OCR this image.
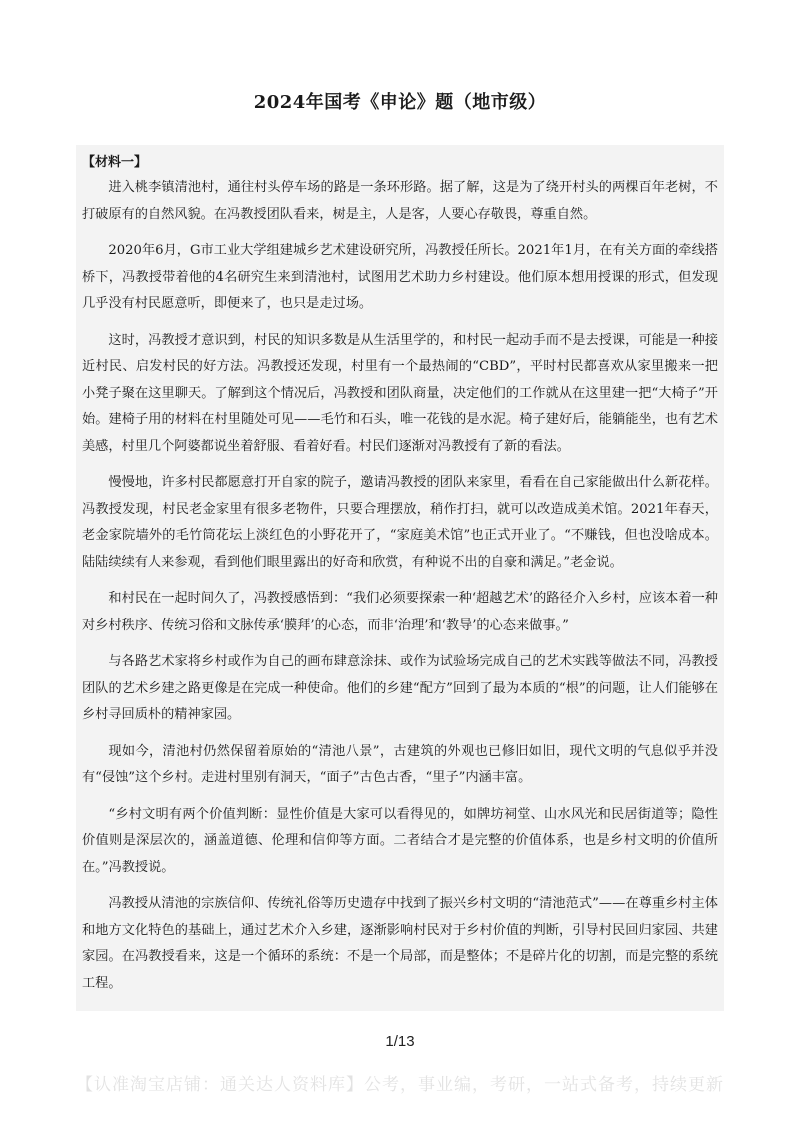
2024年国考《申论》题（地市级）
【材料一】

进入桃李镇清池村，通往村头停车场的路是一条环形路。据了解，这是为了绕开村头的两棵百年老树，不打破原有的自然风貌。在冯教授团队看来，树是主，人是客，人要心存敬畏，尊重自然。

2020年6月，G市工业大学组建城乡艺术建设研究所，冯教授任所长。2021年1月，在有关方面的牵线搭桥下，冯教授带着他的4名研究生来到清池村，试图用艺术助力乡村建设。他们原本想用授课的形式，但发现几乎没有村民愿意听，即便来了，也只是走过场。

这时，冯教授才意识到，村民的知识多数是从生活里学的，和村民一起动手而不是去授课，可能是一种接近村民、启发村民的好方法。冯教授还发现，村里有一个最热闹的“CBD”，平时村民都喜欢从家里搬来一把小凳子聚在这里聊天。了解到这个情况后，冯教授和团队商量，决定他们的工作就从在这里建一把“大椅子”开始。建椅子用的材料在村里随处可见——毛竹和石头，唯一花钱的是水泥。椅子建好后，能躺能坐，也有艺术美感，村里几个阿婆都说坐着舒服、看着好看。村民们逐渐对冯教授有了新的看法。

慢慢地，许多村民都愿意打开自家的院子，邀请冯教授的团队来家里，看看在自己家能做出什么新花样。冯教授发现，村民老金家里有很多老物件，只要合理摆放，稍作打扫，就可以改造成美术馆。2021年春天，老金家院墙外的毛竹筒花坛上淡红色的小野花开了，“家庭美术馆”也正式开业了。“不赚钱，但也没啥成本。陆陆续续有人来参观，看到他们眼里露出的好奇和欣赏，有种说不出的自豪和满足。”老金说。

和村民在一起时间久了，冯教授感悟到：“我们必须要探索一种‘超越艺术’的路径介入乡村，应该本着一种对乡村秩序、传统习俗和文脉传承‘膜拜’的心态，而非‘治理’和‘教导’的心态来做事。”

与各路艺术家将乡村或作为自己的画布肆意涂抹、或作为试验场完成自己的艺术实践等做法不同，冯教授团队的艺术乡建之路更像是在完成一种使命。他们的乡建“配方”回到了最为本质的“根”的问题，让人们能够在乡村寻回质朴的精神家园。

现如今，清池村仍然保留着原始的“清池八景”，古建筑的外观也已修旧如旧，现代文明的气息似乎并没有“侵蚀”这个乡村。走进村里别有洞天，“面子”古色古香，“里子”内涵丰富。

“乡村文明有两个价值判断：显性价值是大家可以看得见的，如牌坊祠堂、山水风光和民居街道等；隐性价值则是深层次的，涵盖道德、伦理和信仰等方面。二者结合才是完整的价值体系，也是乡村文明的价值所在。”冯教授说。

冯教授从清池的宗族信仰、传统礼俗等历史遗存中找到了振兴乡村文明的“清池范式”——在尊重乡村主体和地方文化特色的基础上，通过艺术介入乡建，逐渐影响村民对于乡村价值的判断，引导村民回归家园、共建家园。在冯教授看来，这是一个循环的系统：不是一个局部，而是整体；不是碎片化的切割，而是完整的系统工程。

1/13
【认准淘宝店铺：通关达人资料库】公考，事业编，考研，一站式备考，持续更新
